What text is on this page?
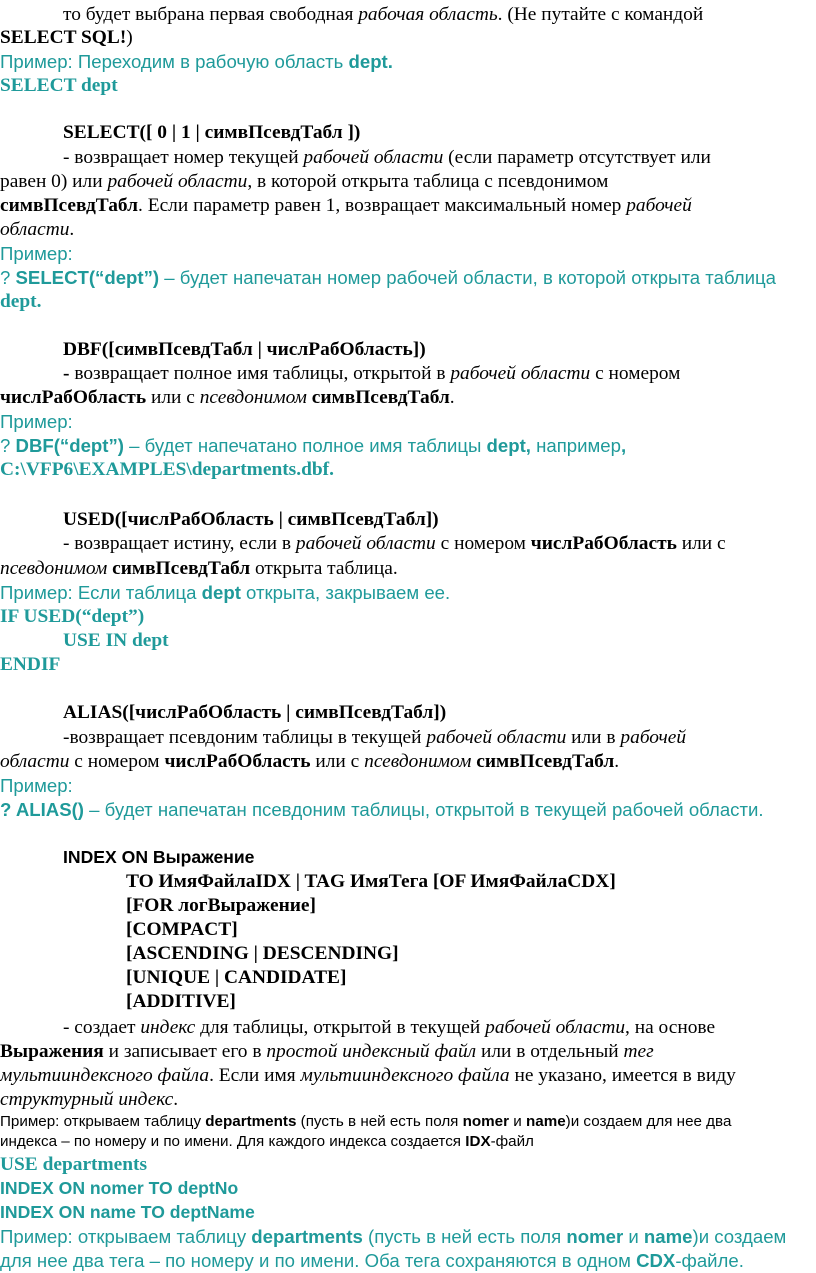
то будет выбрана первая свободная рабочая область. (Не путайте с командой
SELECT SQL!)
Пример: Переходим в рабочую область dept.
SELECT dept
SELECT([ 0 | 1 | симвПсевдТабл ])
- возвращает номер текущей рабочей области (если параметр отсутствует или
равен 0) или рабочей области, в которой открыта таблица с псевдонимом
симвПсевдТабл. Если параметр равен 1, возвращает максимальный номер рабочей
области.
Пример:
? SELECT(“dept”) – будет напечатан номер рабочей области, в которой открыта таблица
dept.
DBF([симвПсевдТабл | числРабОбласть])
- возвращает полное имя таблицы, открытой в рабочей области с номером
числРабОбласть или с псевдонимом симвПсевдТабл.
Пример:
? DBF(“dept”) – будет напечатано полное имя таблицы dept, например,
C:\VFP6\EXAMPLES\departments.dbf.
USED([числРабОбласть | симвПсевдТабл])
- возвращает истину, если в рабочей области с номером числРабОбласть или с
псевдонимом симвПсевдТабл открыта таблица.
Пример: Если таблица dept открыта, закрываем ее.
IF USED(“dept”)
USE IN dept
ENDIF
ALIAS([числРабОбласть | симвПсевдТабл])
-возвращает псевдоним таблицы в текущей рабочей области или в рабочей
области с номером числРабОбласть или с псевдонимом симвПсевдТабл.
Пример:
? ALIAS() – будет напечатан псевдоним таблицы, открытой в текущей рабочей области.
INDEX ON Выражение
TO ИмяФайлаIDX | TAG ИмяТега [OF ИмяФайлаCDX]
[FOR логВыражение]
[COMPACT]
[ASCENDING | DESCENDING]
[UNIQUE | CANDIDATE]
[ADDITIVE]
- создает индекс для таблицы, открытой в текущей рабочей области, на основе
Выражения и записывает его в простой индексный файл или в отдельный тег
мультииндексного файла. Если имя мультииндексного файла не указано, имеется в виду
структурный индекс.
Пример: открываем таблицу departments (пусть в ней есть поля nomer и name)и создаем для нее два
индекса – по номеру и по имени. Для каждого индекса создается IDX-файл
USE departments
INDEX ON nomer TO deptNo
INDEX ON name TO deptName
Пример: открываем таблицу departments (пусть в ней есть поля nomer и name)и создаем
для нее два тега – по номеру и по имени. Оба тега сохраняются в одном CDX-файле.
